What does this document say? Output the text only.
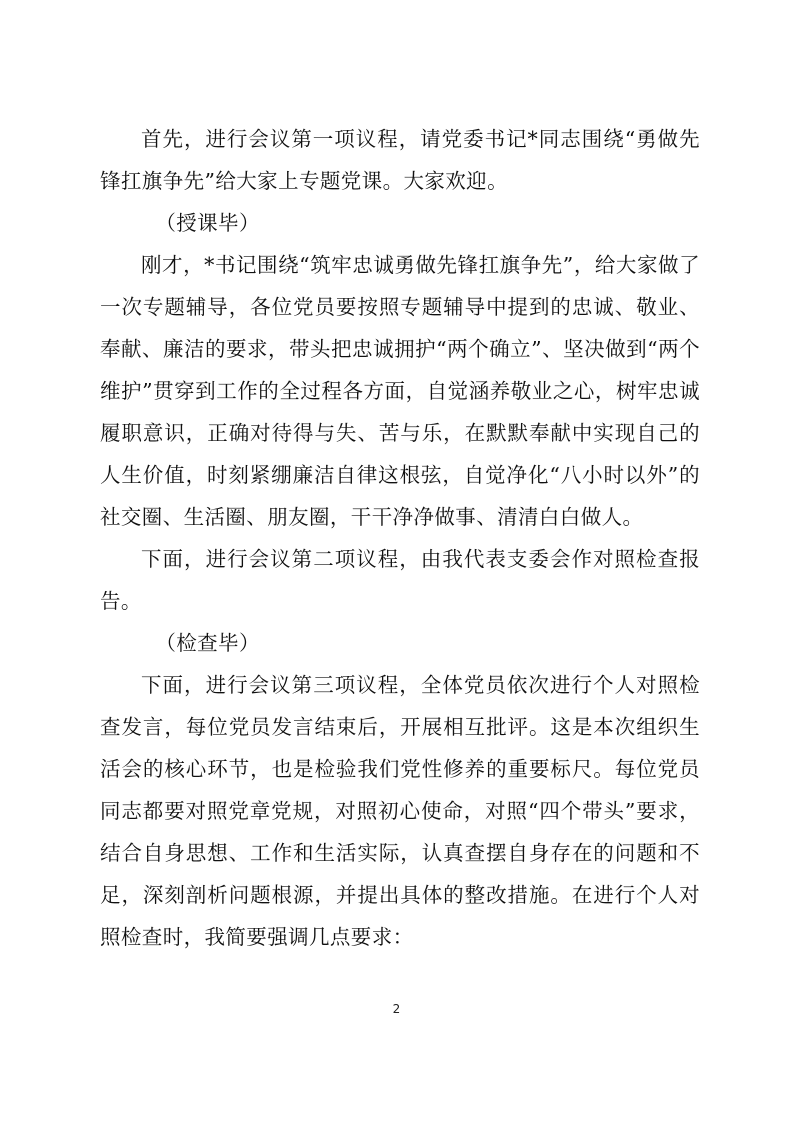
首先，进行会议第一项议程，请党委书记*同志围绕“勇做先锋扛旗争先”给大家上专题党课。大家欢迎。

（授课毕）

刚才，*书记围绕“筑牢忠诚勇做先锋扛旗争先”，给大家做了一次专题辅导，各位党员要按照专题辅导中提到的忠诚、敬业、奉献、廉洁的要求，带头把忠诚拥护“两个确立”、坚决做到“两个维护”贯穿到工作的全过程各方面，自觉涵养敬业之心，树牢忠诚履职意识，正确对待得与失、苦与乐，在默默奉献中实现自己的人生价值，时刻紧绷廉洁自律这根弦，自觉净化“八小时以外”的社交圈、生活圈、朋友圈，干干净净做事、清清白白做人。

下面，进行会议第二项议程，由我代表支委会作对照检查报告。

（检查毕）

下面，进行会议第三项议程，全体党员依次进行个人对照检查发言，每位党员发言结束后，开展相互批评。这是本次组织生活会的核心环节，也是检验我们党性修养的重要标尺。每位党员同志都要对照党章党规，对照初心使命，对照“四个带头”要求，结合自身思想、工作和生活实际，认真查摆自身存在的问题和不足，深刻剖析问题根源，并提出具体的整改措施。在进行个人对照检查时，我简要强调几点要求：

2
